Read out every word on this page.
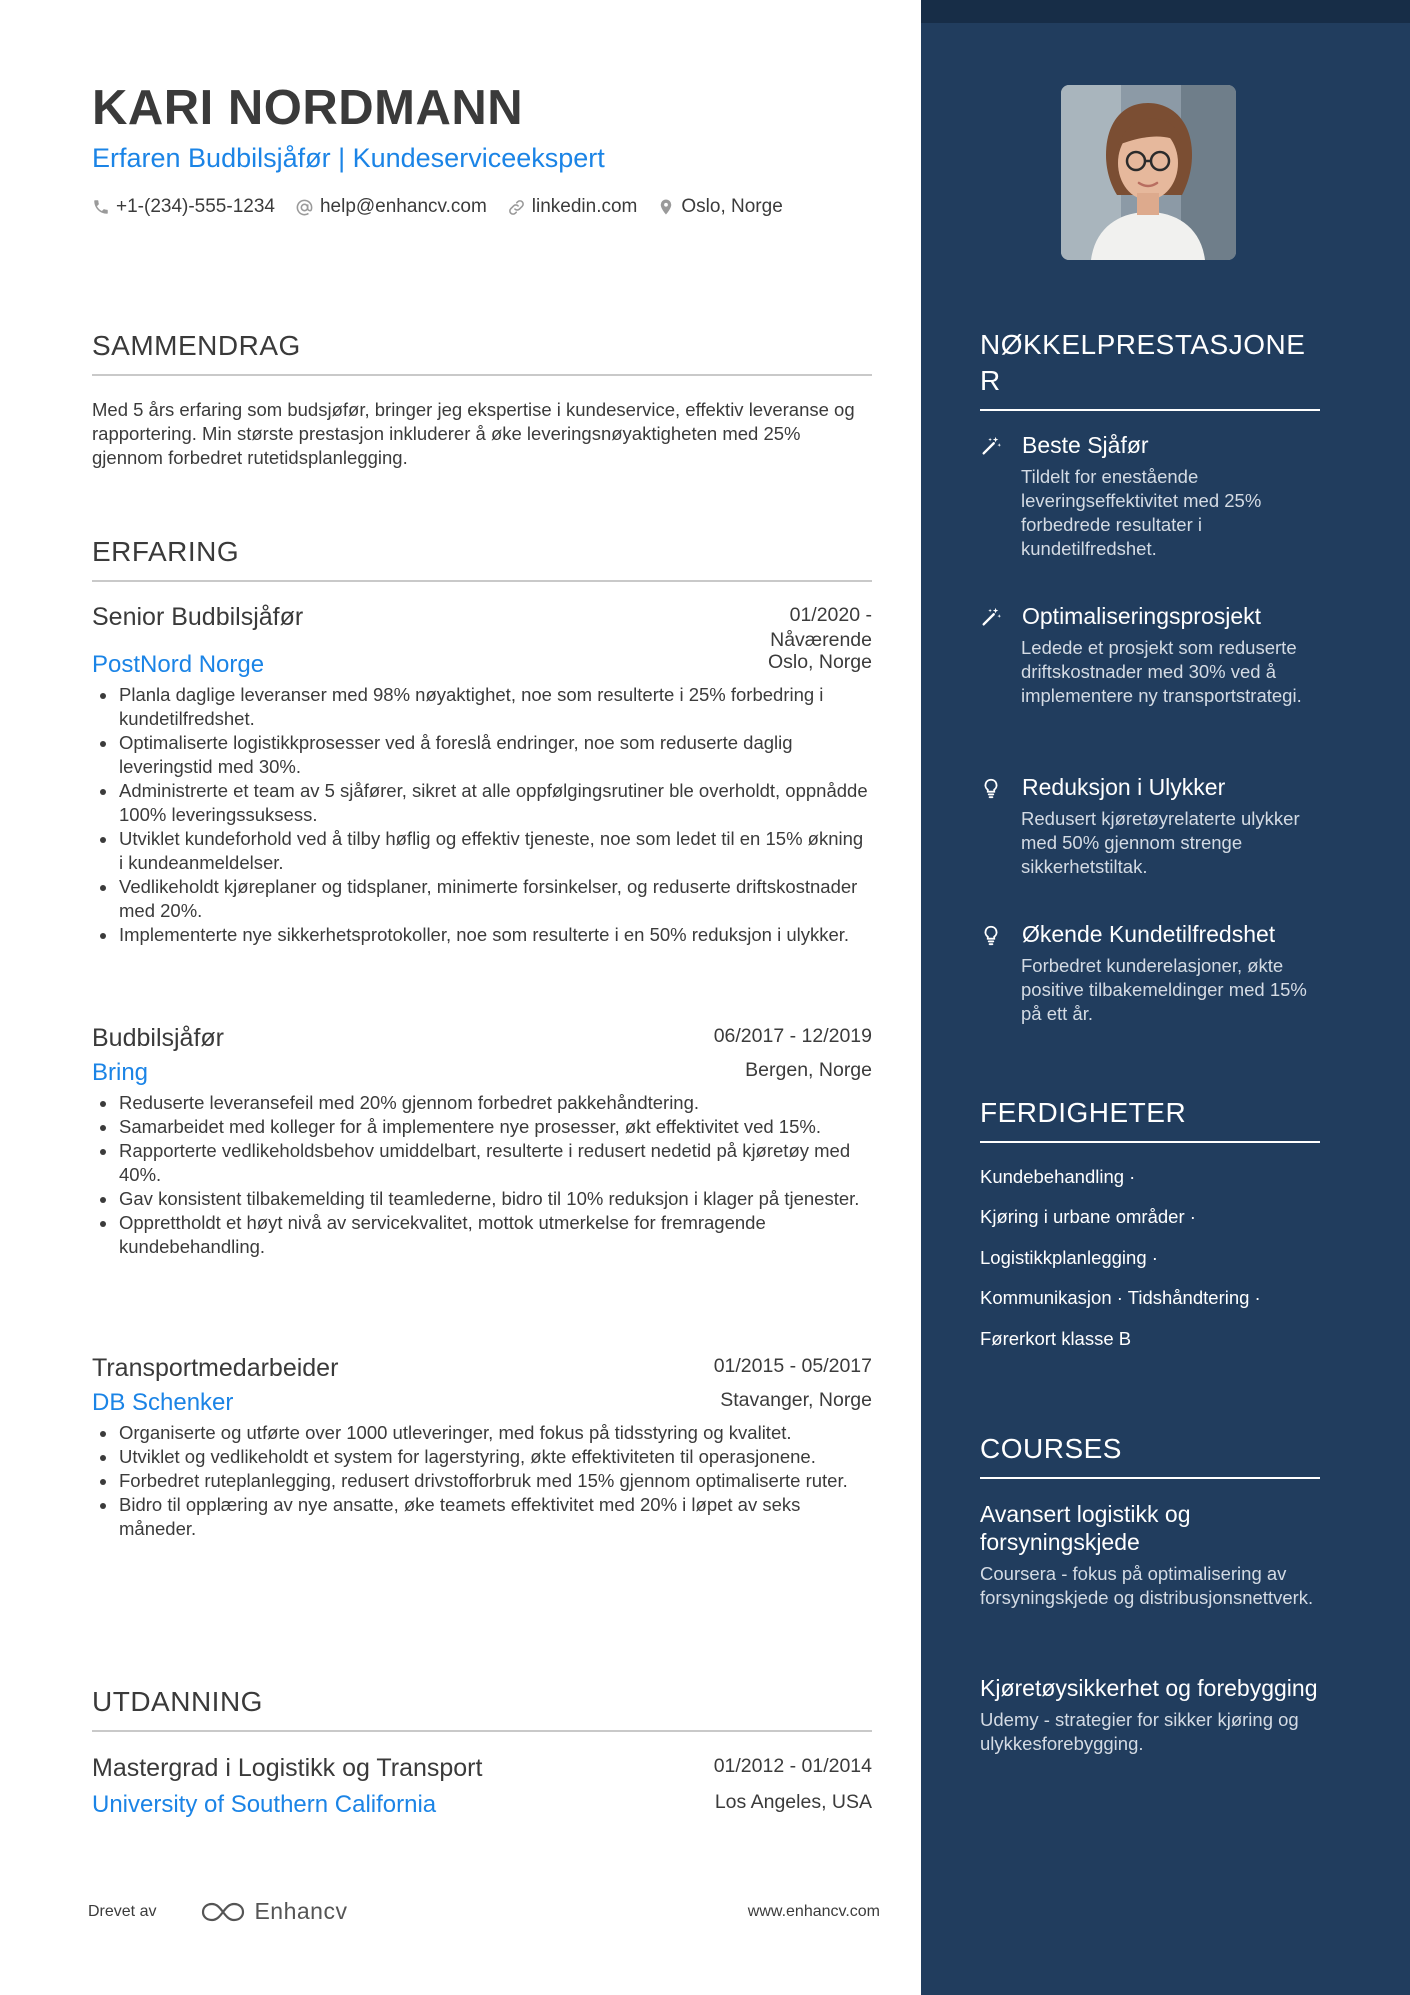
KARI NORDMANN
Erfaren Budbilsjåfør | Kundeserviceekspert
+1-(234)-555-1234 help@enhancv.com linkedin.com Oslo, Norge
SAMMENDRAG
Med 5 års erfaring som budsjøfør, bringer jeg ekspertise i kundeservice, effektiv leveranse og rapportering. Min største prestasjon inkluderer å øke leveringsnøyaktigheten med 25% gjennom forbedret rutetidsplanlegging.
ERFARING
Senior Budbilsjåfør	01/2020 - Nåværende
PostNord Norge	Oslo, Norge
Planla daglige leveranser med 98% nøyaktighet, noe som resulterte i 25% forbedring i kundetilfredshet.
Optimaliserte logistikkprosesser ved å foreslå endringer, noe som reduserte daglig leveringstid med 30%.
Administrerte et team av 5 sjåfører, sikret at alle oppfølgingsrutiner ble overholdt, oppnådde 100% leveringssuksess.
Utviklet kundeforhold ved å tilby høflig og effektiv tjeneste, noe som ledet til en 15% økning i kundeanmeldelser.
Vedlikeholdt kjøreplaner og tidsplaner, minimerte forsinkelser, og reduserte driftskostnader med 20%.
Implementerte nye sikkerhetsprotokoller, noe som resulterte i en 50% reduksjon i ulykker.
Budbilsjåfør	06/2017 - 12/2019
Bring	Bergen, Norge
Reduserte leveransefeil med 20% gjennom forbedret pakkehåndtering.
Samarbeidet med kolleger for å implementere nye prosesser, økt effektivitet ved 15%.
Rapporterte vedlikeholdsbehov umiddelbart, resulterte i redusert nedetid på kjøretøy med 40%.
Gav konsistent tilbakemelding til teamlederne, bidro til 10% reduksjon i klager på tjenester.
Opprettholdt et høyt nivå av servicekvalitet, mottok utmerkelse for fremragende kundebehandling.
Transportmedarbeider	01/2015 - 05/2017
DB Schenker	Stavanger, Norge
Organiserte og utførte over 1000 utleveringer, med fokus på tidsstyring og kvalitet.
Utviklet og vedlikeholdt et system for lagerstyring, økte effektiviteten til operasjonene.
Forbedret ruteplanlegging, redusert drivstofforbruk med 15% gjennom optimaliserte ruter.
Bidro til opplæring av nye ansatte, øke teamets effektivitet med 20% i løpet av seks måneder.
UTDANNING
Mastergrad i Logistikk og Transport	01/2012 - 01/2014
University of Southern California	Los Angeles, USA
Drevet av	Enhancv	www.enhancv.com
NØKKELPRESTASJONE R
Beste Sjåfør
Tildelt for enestående leveringseffektivitet med 25% forbedrede resultater i kundetilfredshet.
Optimaliseringsprosjekt
Ledede et prosjekt som reduserte driftskostnader med 30% ved å implementere ny transportstrategi.
Reduksjon i Ulykker
Redusert kjøretøyrelaterte ulykker med 50% gjennom strenge sikkerhetstiltak.
Økende Kundetilfredshet
Forbedret kunderelasjoner, økte positive tilbakemeldinger med 15% på ett år.
FERDIGHETER
Kundebehandling ·
Kjøring i urbane områder ·
Logistikkplanlegging ·
Kommunikasjon · Tidshåndtering ·
Førerkort klasse B
COURSES
Avansert logistikk og forsyningskjede
Coursera - fokus på optimalisering av forsyningskjede og distribusjonsnettverk.
Kjøretøysikkerhet og forebygging
Udemy - strategier for sikker kjøring og ulykkesforebygging.
